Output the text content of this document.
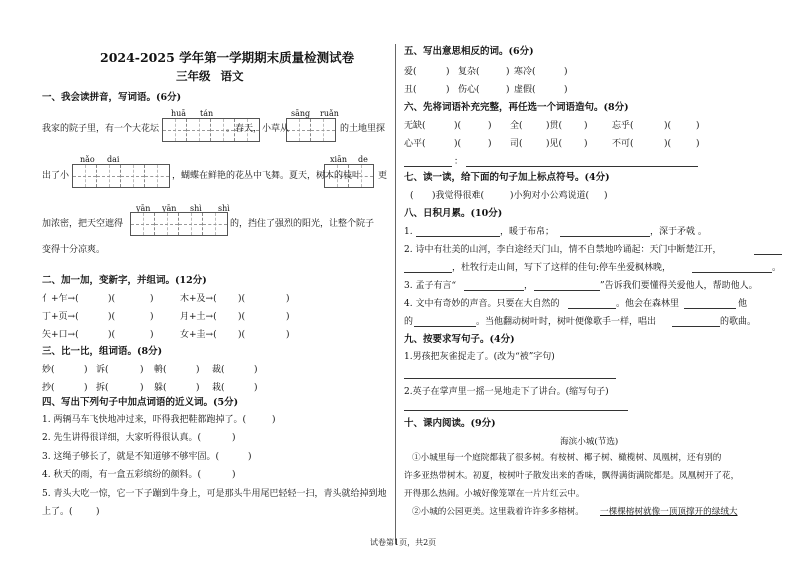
2024-2025 学年第一学期期末质量检测试卷
三年级 语文
一、我会读拼音，写词语。(6分)
huā tán	sāng ruǎn
我家的院子里，有一个大花坛	。春天，小草从	的土地里探
nǎo dai	xiān de
出了小	，蝴蝶在鲜艳的花丛中飞舞。夏天，树木的枝叶 更
yān yān shì shì
加浓密，把天空遮得	的，挡住了强烈的阳光，让整个院子
变得十分凉爽。
二、加一加，变新字，并组词。(12分)
亻+乍→(	)(	)	木+及→( )(	)
丁+页→(	)(	)	月+土→( )(	)
矢+口→(	)(	)	女+圭→( )(	)
三、比一比，组词语。(8分)
妙(	) 诉(	) 輈(	) 裁(	)
抄(	) 拆(	) 躲(	) 栽(	)
四、写出下列句子中加点词语的近义词。(5分)
1. 两辆马车飞快地冲过来，吓得我把鞋都跑掉了。(	)
2. 先生讲得很详细，大家听得很认真。(	)
3. 这绳子够长了，就是不知道够不够牢固。(	)
4. 秋天的雨，有一盒五彩缤纷的颜料。(	)
5. 青头大吃一惊，它一下子蹦到牛身上，可是那头牛用尾巴轻轻一扫，青头就给掉到地
上了。(	)
五、写出意思相反的词。(6分)
爱(	) 复杂(	) 寒冷(	)
丑(	) 伤心(	) 虚假(	)
六、先将词语补充完整，再任选一个词语造句。(8分)
无缺(	)(	) 全(	)贯( )	忘乎(	)(	)
心平(	)(	) 司(	)见( )	不可(	)(	)
：
七、读一读，给下面的句子加上标点符号。(4分)
( )我觉得很难(	)小狗对小公鸡说道( )
八、日积月累。(10分)
1.	，暖于布帛；	，深于矛戟 。
2. 诗中有壮美的山河，李白途经天门山，情不自禁地吟诵起：天门中断楚江开，
，杜牧行走山间，写下了这样的佳句:停车坐爱枫林晚，	。
3. 孟子有言“	，	”告诉我们要懂得关爱他人，帮助他人。
4. 文中有奇妙的声音。只要在大自然的	。他会在森林里	他
的	。当他翻动树叶时，树叶便像歌手一样，唱出	的歌曲。
九、按要求写句子。(4分)
1.男孩把灰雀捉走了。(改为“被”字句)
2.英子在掌声里一摇一晃地走下了讲台。(缩写句子)
十、课内阅读。(9分)
海滨小城(节选)
①小城里每一个庭院都栽了很多树。有桉树、椰子树、橄榄树、凤凰树，还有别的
许多亚热带树木。初夏，桉树叶子散发出来的香味，飘得满街满院都是。凤凰树开了花，
开得那么热闹。小城好像笼罩在一片片红云中。
②小城的公园更美。这里栽着许许多多榕树。 一棵棵榕树就像一顶顶撑开的绿绒大
试卷第1页，共2页
